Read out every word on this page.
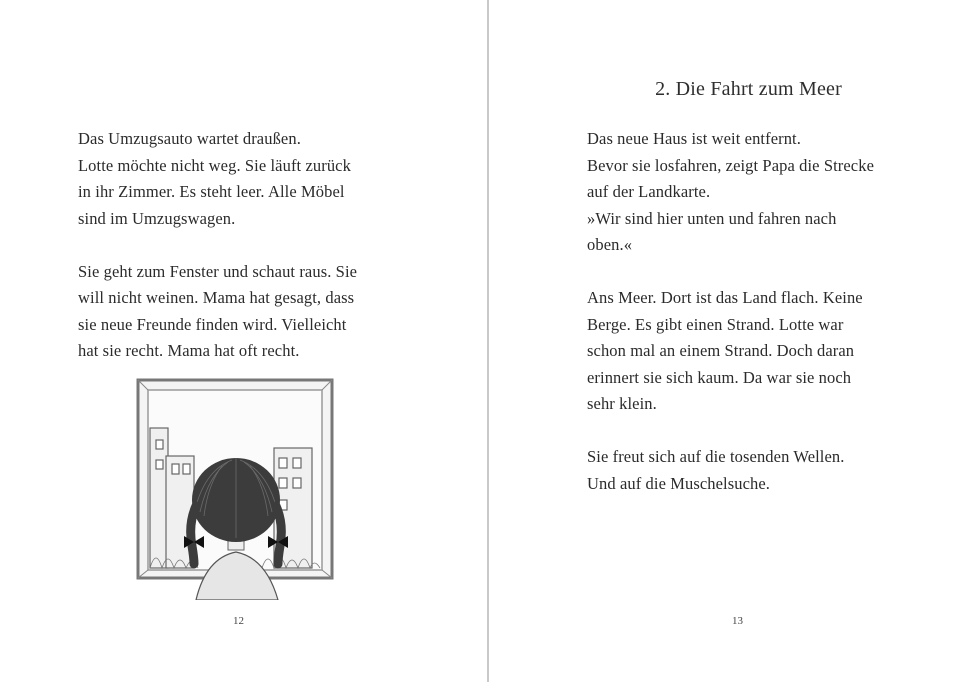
Das Umzugsauto wartet draußen.
Lotte möchte nicht weg. Sie läuft zurück
in ihr Zimmer. Es steht leer. Alle Möbel
sind im Umzugswagen.

Sie geht zum Fenster und schaut raus. Sie
will nicht weinen. Mama hat gesagt, dass
sie neue Freunde finden wird. Vielleicht
hat sie recht. Mama hat oft recht.

12
2. Die Fahrt zum Meer

Das neue Haus ist weit entfernt.
Bevor sie losfahren, zeigt Papa die Strecke
auf der Landkarte.
»Wir sind hier unten und fahren nach
oben.«

Ans Meer. Dort ist das Land flach. Keine
Berge. Es gibt einen Strand. Lotte war
schon mal an einem Strand. Doch daran
erinnert sie sich kaum. Da war sie noch
sehr klein.

Sie freut sich auf die tosenden Wellen.
Und auf die Muschelsuche.

13
